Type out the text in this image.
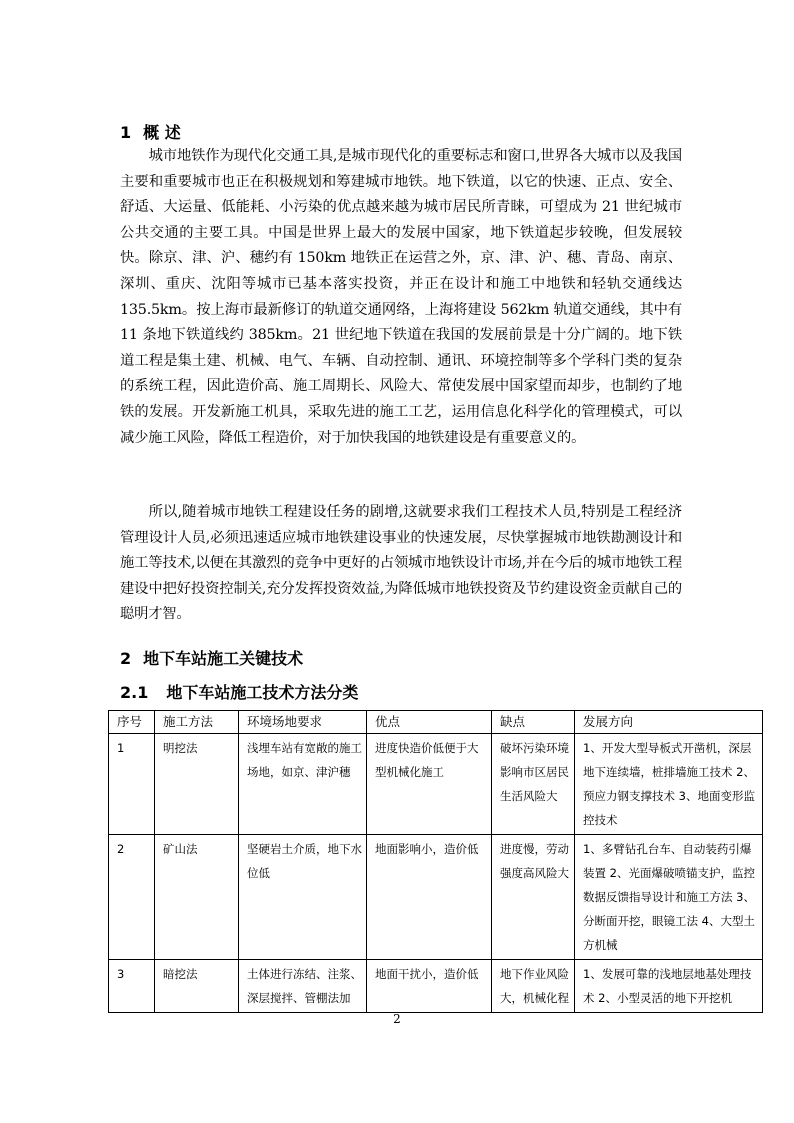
1 概 述

城市地铁作为现代化交通工具,是城市现代化的重要标志和窗口,世界各大城市以及我国主要和重要城市也正在积极规划和筹建城市地铁。地下铁道，以它的快速、正点、安全、舒适、大运量、低能耗、小污染的优点越来越为城市居民所青睐，可望成为 21 世纪城市公共交通的主要工具。中国是世界上最大的发展中国家，地下铁道起步较晚，但发展较快。除京、津、沪、穗约有 150km 地铁正在运营之外，京、津、沪、穗、青岛、南京、深圳、重庆、沈阳等城市已基本落实投资，并正在设计和施工中地铁和轻轨交通线达 135.5km。按上海市最新修订的轨道交通网络，上海将建设 562km 轨道交通线，其中有 11 条地下铁道线约 385km。21 世纪地下铁道在我国的发展前景是十分广阔的。地下铁道工程是集土建、机械、电气、车辆、自动控制、通讯、环境控制等多个学科门类的复杂的系统工程，因此造价高、施工周期长、风险大、常使发展中国家望而却步，也制约了地铁的发展。开发新施工机具，采取先进的施工工艺，运用信息化科学化的管理模式，可以减少施工风险，降低工程造价，对于加快我国的地铁建设是有重要意义的。

所以,随着城市地铁工程建设任务的剧增,这就要求我们工程技术人员,特别是工程经济管理设计人员,必须迅速适应城市地铁建设事业的快速发展，尽快掌握城市地铁勘测设计和施工等技术,以便在其激烈的竞争中更好的占领城市地铁设计市场,并在今后的城市地铁工程建设中把好投资控制关,充分发挥投资效益,为降低城市地铁投资及节约建设资金贡献自己的聪明才智。

2 地下车站施工关键技术
2.1 地下车站施工技术方法分类
序号	施工方法	环境场地要求	优点	缺点	发展方向
1	明挖法	浅埋车站有宽敞的施工场地，如京、津沪穗	进度快造价低便于大型机械化施工	破坏污染环境影响市区居民生活风险大	1、开发大型导板式开凿机，深层地下连续墙，桩排墙施工技术 2、预应力钢支撑技术 3、地面变形监控技术
2	矿山法	坚硬岩土介质，地下水位低	地面影响小，造价低	进度慢，劳动强度高风险大	1、多臂钻孔台车、自动装药引爆装置 2、光面爆破喷锚支护，监控数据反馈指导设计和施工方法 3、分断面开挖，眼镜工法 4、大型土方机械
3	暗挖法	土体进行冻结、注浆、深层搅拌、管棚法加	地面干扰小，造价低	地下作业风险大，机械化程	1、发展可靠的浅地层地基处理技术 2、小型灵活的地下开挖机
2
